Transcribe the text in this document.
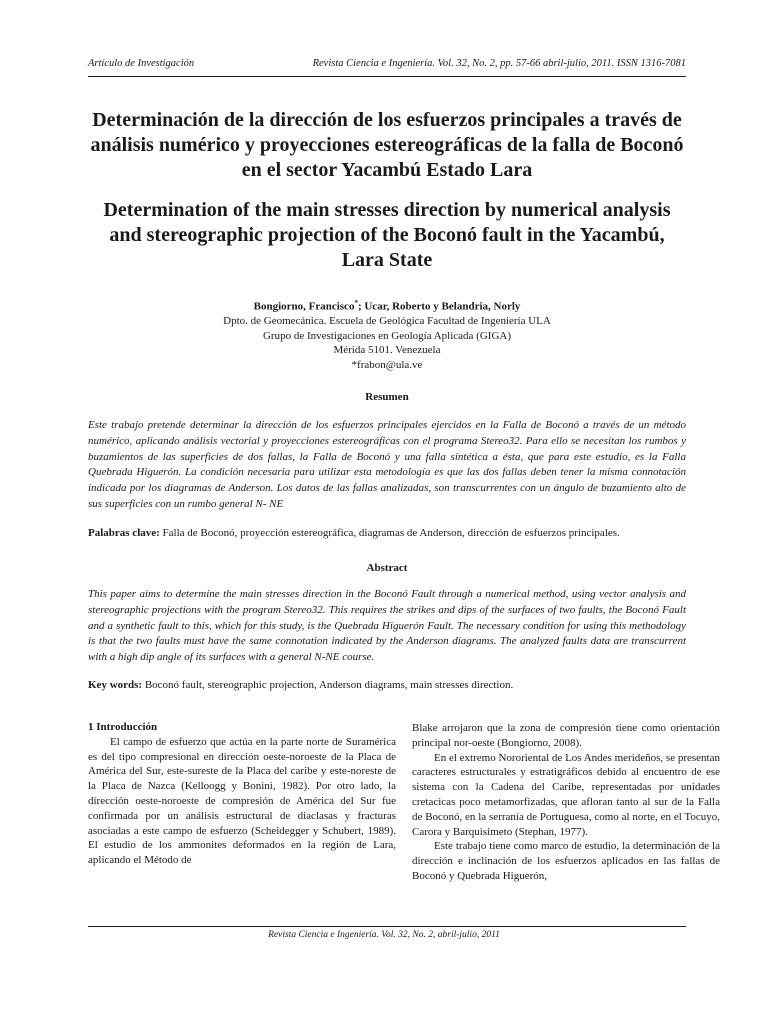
Artículo de Investigación	Revista Ciencia e Ingeniería. Vol. 32, No. 2, pp. 57-66 abril-julio, 2011. ISSN 1316-7081
Determinación de la dirección de los esfuerzos principales a través de análisis numérico y proyecciones estereográficas de la falla de Boconó en el sector Yacambú Estado Lara
Determination of the main stresses direction by numerical analysis and stereographic projection of the Boconó fault in the Yacambú, Lara State
Bongiorno, Francisco*; Ucar, Roberto y Belandria, Norly
Dpto. de Geomecánica. Escuela de Geológica Facultad de Ingeniería ULA
Grupo de Investigaciones en Geología Aplicada (GIGA)
Mérida 5101. Venezuela
*frabon@ula.ve
Resumen

Este trabajo pretende determinar la dirección de los esfuerzos principales ejercidos en la Falla de Boconó a través de un método numérico, aplicando análisis vectorial y proyecciones estereográficas con el programa Stereo32. Para ello se necesitan los rumbos y buzamientos de las superficies de dos fallas, la Falla de Boconó y una falla sintética a ésta, que para este estudio, es la Falla Quebrada Higuerón. La condición necesaria para utilizar esta metodología es que las dos fallas deben tener la misma connotación indicada por los diagramas de Anderson. Los datos de las fallas analizadas, son transcurrentes con un ángulo de buzamiento alto de sus superficies con un rumbo general N- NE

Palabras clave: Falla de Boconó, proyección estereográfica, diagramas de Anderson, dirección de esfuerzos principales.

Abstract

This paper aims to determine the main stresses direction in the Boconó Fault through a numerical method, using vector analysis and stereographic projections with the program Stereo32. This requires the strikes and dips of the surfaces of two faults, the Boconó Fault and a synthetic fault to this, which for this study, is the Quebrada Higuerón Fault. The necessary condition for using this methodology is that the two faults must have the same connotation indicated by the Anderson diagrams. The analyzed faults data are transcurrent with a high dip angle of its surfaces with a general N-NE course.

Key words: Boconó fault, stereographic projection, Anderson diagrams, main stresses direction.

1 Introducción

El campo de esfuerzo que actúa en la parte norte de Suramérica es del tipo compresional en dirección oeste-noroeste de la Placa de América del Sur, este-sureste de la Placa del caribe y este-noreste de la Placa de Nazca (Kelloogg y Bonini, 1982). Por otro lado, la dirección oeste-noroeste de compresión de América del Sur fue confirmada por un análisis estructural de diaclasas y fracturas asociadas a este campo de esfuerzo (Scheidegger y Schubert, 1989). El estudio de los ammonites deformados en la región de Lara, aplicando el Método de

Blake arrojaron que la zona de compresión tiene como orientación principal nor-oeste (Bongiorno, 2008).

En el extremo Nororiental de Los Andes merideños, se presentan caracteres estructurales y estratigráficos debido al encuentro de ese sistema con la Cadena del Caribe, representadas por unidades cretacicas poco metamorfizadas, que afloran tanto al sur de la Falla de Boconó, en la serranía de Portuguesa, como al norte, en el Tocuyo, Carora y Barquisimeto (Stephan, 1977).

Este trabajo tiene como marco de estudio, la determinación de la dirección e inclinación de los esfuerzos aplicados en las fallas de Boconó y Quebrada Higuerón,

Revista Ciencia e Ingeniería. Vol. 32, No. 2, abril-julio, 2011
